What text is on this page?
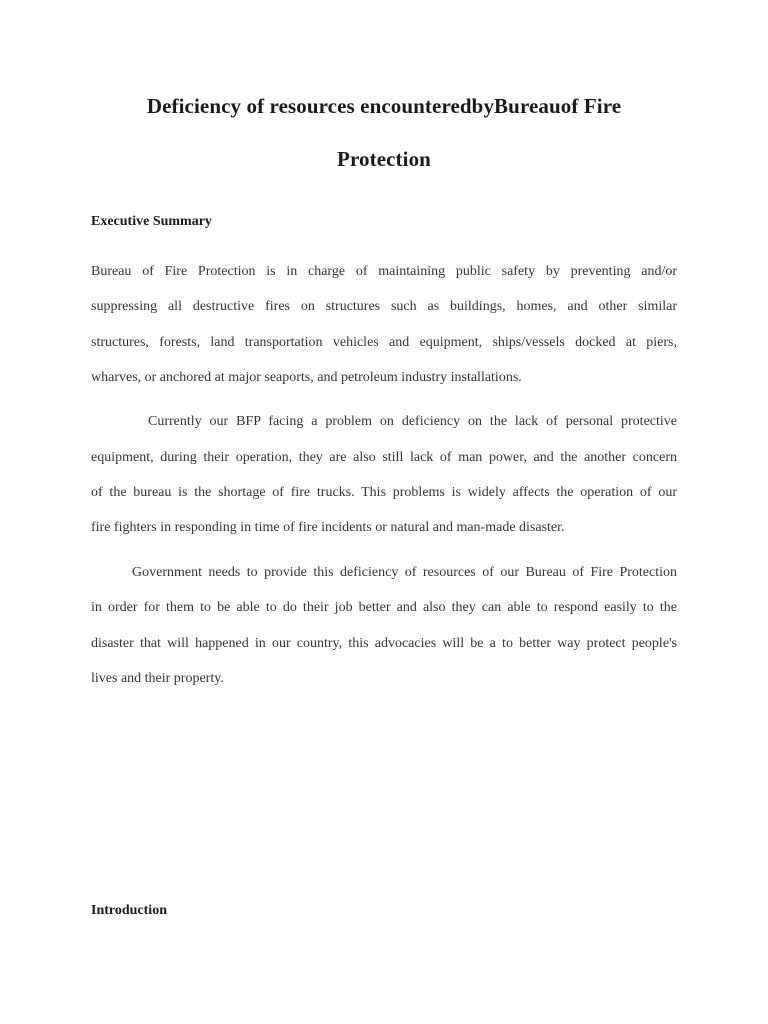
Deficiency of resources encounteredbyBureauof Fire
Protection
Executive Summary
Bureau of Fire Protection is in charge of maintaining public safety by preventing and/or
suppressing all destructive fires on structures such as buildings, homes, and other similar
structures, forests, land transportation vehicles and equipment, ships/vessels docked at piers,
wharves, or anchored at major seaports, and petroleum industry installations.
Currently our BFP facing a problem on deficiency on the lack of personal protective
equipment, during their operation, they are also still lack of man power, and the another concern
of the bureau is the shortage of fire trucks. This problems is widely affects the operation of our
fire fighters in responding in time of fire incidents or natural and man-made disaster.
Government needs to provide this deficiency of resources of our Bureau of Fire Protection
in order for them to be able to do their job better and also they can able to respond easily to the
disaster that will happened in our country, this advocacies will be a to better way protect people's
lives and their property.
Introduction
